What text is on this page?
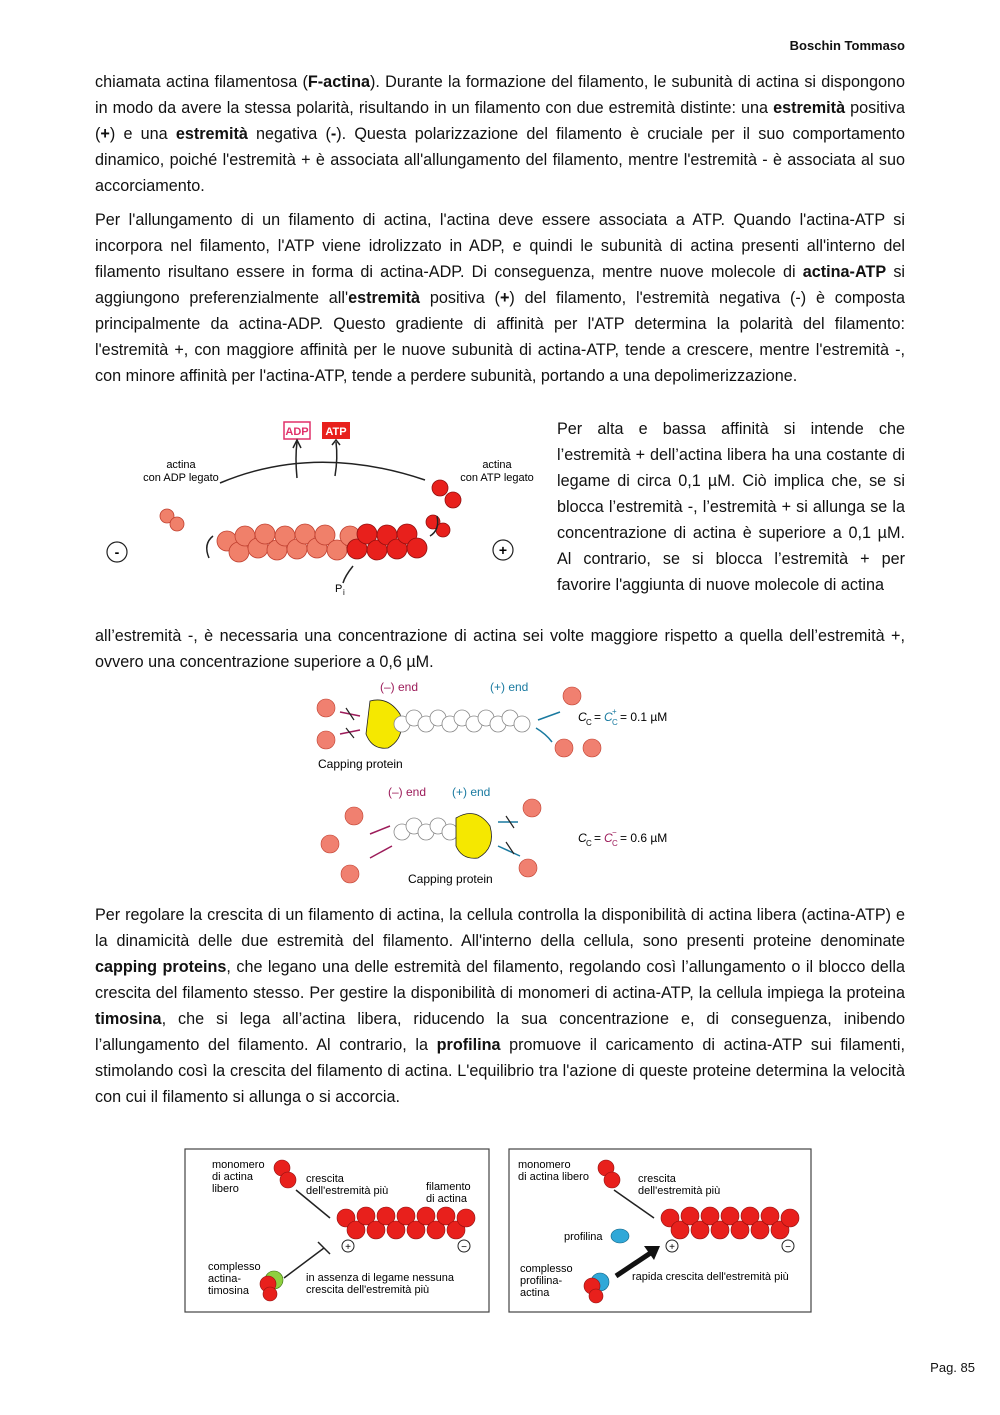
Boschin Tommaso

chiamata actina filamentosa (F-actina). Durante la formazione del filamento, le subunità di actina si dispongono in modo da avere la stessa polarità, risultando in un filamento con due estremità distinte: una estremità positiva (+) e una estremità negativa (-). Questa polarizzazione del filamento è cruciale per il suo comportamento dinamico, poiché l'estremità + è associata all'allungamento del filamento, mentre l'estremità - è associata al suo accorciamento.

Per l'allungamento di un filamento di actina, l'actina deve essere associata a ATP. Quando l'actina-ATP si incorpora nel filamento, l'ATP viene idrolizzato in ADP, e quindi le subunità di actina presenti all'interno del filamento risultano essere in forma di actina-ADP. Di conseguenza, mentre nuove molecole di actina-ATP si aggiungono preferenzialmente all'estremità positiva (+) del filamento, l'estremità negativa (-) è composta principalmente da actina-ADP. Questo gradiente di affinità per l'ATP determina la polarità del filamento: l'estremità +, con maggiore affinità per le nuove subunità di actina-ATP, tende a crescere, mentre l'estremità -, con minore affinità per l'actina-ATP, tende a perdere subunità, portando a una depolimerizzazione.

ADP ATP
actina
con ADP legato
actina
con ATP legato
-	+
P i

Per alta e bassa affinità si intende che l’estremità + dell’actina libera ha una costante di legame di circa 0,1 µM. Ciò implica che, se si blocca l’estremità -, l’estremità + si allunga se la concentrazione di actina è superiore a 0,1 µM. Al contrario, se si blocca l’estremità + per favorire l'aggiunta di nuove molecole di actina

all’estremità -, è necessaria una concentrazione di actina sei volte maggiore rispetto a quella dell’estremità +, ovvero una concentrazione superiore a 0,6 µM.

(–) end	(+) end
C C = C C
+ = 0.1 µM
Capping protein
(–) end (+) end
C C = C C
− = 0.6 µM
Capping protein

Per regolare la crescita di un filamento di actina, la cellula controlla la disponibilità di actina libera (actina-ATP) e la dinamicità delle due estremità del filamento. All'interno della cellula, sono presenti proteine denominate capping proteins, che legano una delle estremità del filamento, regolando così l’allungamento o il blocco della crescita del filamento stesso. Per gestire la disponibilità di monomeri di actina-ATP, la cellula impiega la proteina timosina, che si lega all’actina libera, riducendo la sua concentrazione e, di conseguenza, inibendo l’allungamento del filamento. Al contrario, la profilina promuove il caricamento di actina-ATP sui filamenti, stimolando così la crescita del filamento di actina. L'equilibrio tra l'azione di queste proteine determina la velocità con cui il filamento si allunga o si accorcia.

monomero
di actina
libero
crescita
dell'estremità più	filamento
di actina
+	−
complesso
actina-
timosina
in assenza di legame nessuna
crescita dell'estremità più
monomero
di actina libero	crescita
dell'estremità più
+	−
profilina
complesso
profilina-
actina
rapida crescita dell'estremità più
Pag. 85
